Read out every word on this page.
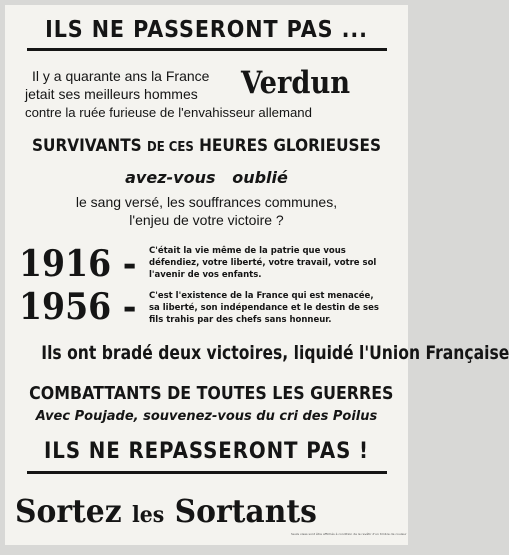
ILS NE PASSERONT PAS ...
Il y a quarante ans la France
jetait ses meilleurs hommes Verdun
contre la ruée furieuse de l'envahisseur allemand
SURVIVANTS DE CES HEURES GLORIEUSES
avez-vous oublié
le sang versé, les souffrances communes,
l'enjeu de votre victoire ?
1916 - C'était la vie même de la patrie que vous
défendiez, votre liberté, votre travail, votre sol
l'avenir de vos enfants.
1956 - C'est l'existence de la France qui est menacée,
sa liberté, son indépendance et le destin de ses
fils trahis par des chefs sans honneur.
Ils ont bradé deux victoires, liquidé l'Union Française
COMBATTANTS DE TOUTES LES GUERRES
Avec Poujade, souvenez-vous du cri des Poilus
ILS NE REPASSERONT PAS !
Sortez les Sortants
Seuls visas sont être affichés à condition de le revêtir d'un timbre de couleur
